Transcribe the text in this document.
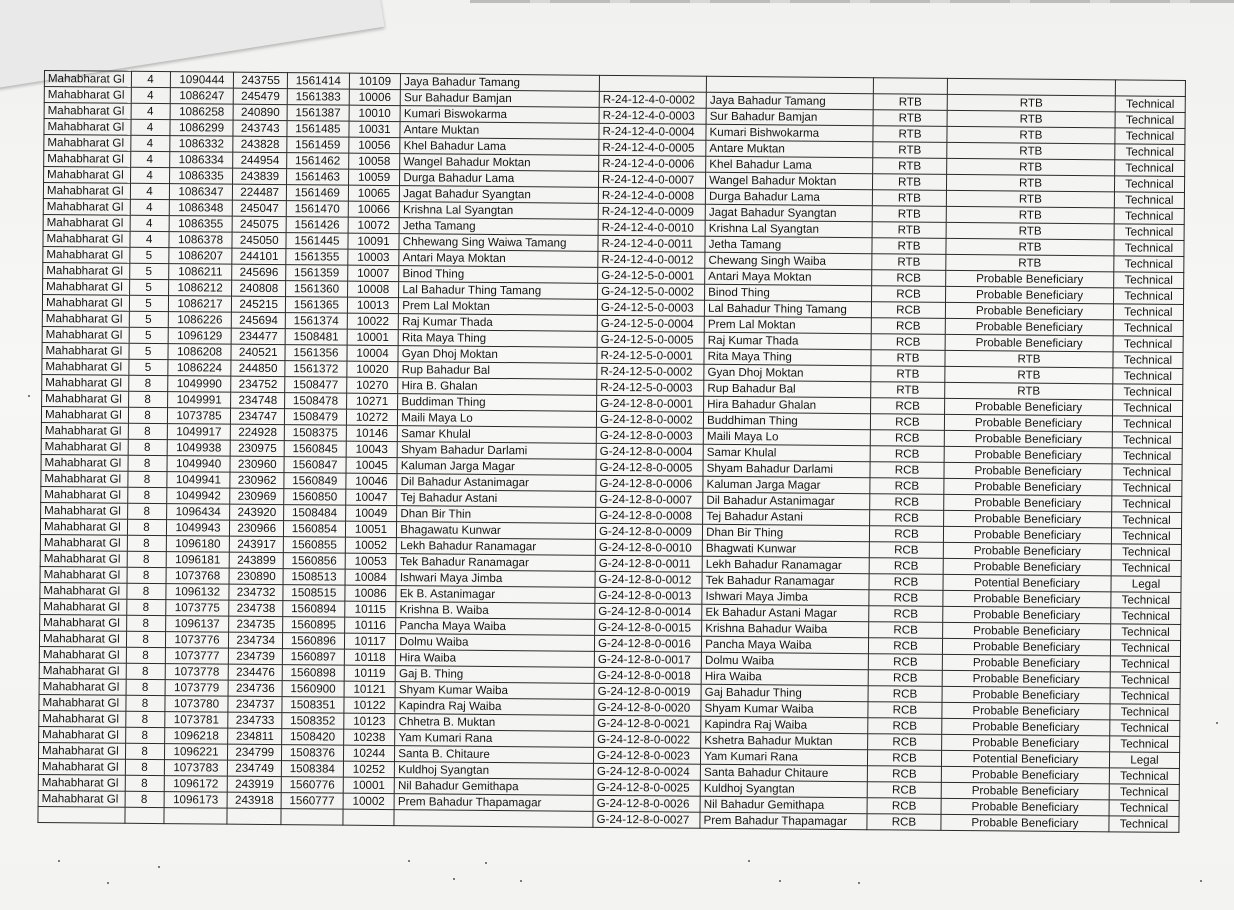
Mahabharat Gl	4	1090444	243755	1561414	10109	Jaya Bahadur Tamang					
Mahabharat Gl	4	1086247	245479	1561383	10006	Sur Bahadur Bamjan	R-24-12-4-0-0002	Jaya Bahadur Tamang	RTB	RTB	Technical
Mahabharat Gl	4	1086258	240890	1561387	10010	Kumari Biswokarma	R-24-12-4-0-0003	Sur Bahadur Bamjan	RTB	RTB	Technical
Mahabharat Gl	4	1086299	243743	1561485	10031	Antare Muktan	R-24-12-4-0-0004	Kumari Bishwokarma	RTB	RTB	Technical
Mahabharat Gl	4	1086332	243828	1561459	10056	Khel Bahadur Lama	R-24-12-4-0-0005	Antare Muktan	RTB	RTB	Technical
Mahabharat Gl	4	1086334	244954	1561462	10058	Wangel Bahadur Moktan	R-24-12-4-0-0006	Khel Bahadur Lama	RTB	RTB	Technical
Mahabharat Gl	4	1086335	243839	1561463	10059	Durga Bahadur Lama	R-24-12-4-0-0007	Wangel Bahadur Moktan	RTB	RTB	Technical
Mahabharat Gl	4	1086347	224487	1561469	10065	Jagat Bahadur Syangtan	R-24-12-4-0-0008	Durga Bahadur Lama	RTB	RTB	Technical
Mahabharat Gl	4	1086348	245047	1561470	10066	Krishna Lal Syangtan	R-24-12-4-0-0009	Jagat Bahadur Syangtan	RTB	RTB	Technical
Mahabharat Gl	4	1086355	245075	1561426	10072	Jetha Tamang	R-24-12-4-0-0010	Krishna Lal Syangtan	RTB	RTB	Technical
Mahabharat Gl	4	1086378	245050	1561445	10091	Chhewang Sing Waiwa Tamang	R-24-12-4-0-0011	Jetha Tamang	RTB	RTB	Technical
Mahabharat Gl	5	1086207	244101	1561355	10003	Antari Maya Moktan	R-24-12-4-0-0012	Chewang Singh Waiba	RTB	RTB	Technical
Mahabharat Gl	5	1086211	245696	1561359	10007	Binod Thing	G-24-12-5-0-0001	Antari Maya Moktan	RCB	Probable Beneficiary	Technical
Mahabharat Gl	5	1086212	240808	1561360	10008	Lal Bahadur Thing Tamang	G-24-12-5-0-0002	Binod Thing	RCB	Probable Beneficiary	Technical
Mahabharat Gl	5	1086217	245215	1561365	10013	Prem Lal Moktan	G-24-12-5-0-0003	Lal Bahadur Thing Tamang	RCB	Probable Beneficiary	Technical
Mahabharat Gl	5	1086226	245694	1561374	10022	Raj Kumar Thada	G-24-12-5-0-0004	Prem Lal Moktan	RCB	Probable Beneficiary	Technical
Mahabharat Gl	5	1096129	234477	1508481	10001	Rita Maya Thing	G-24-12-5-0-0005	Raj Kumar Thada	RCB	Probable Beneficiary	Technical
Mahabharat Gl	5	1086208	240521	1561356	10004	Gyan Dhoj Moktan	R-24-12-5-0-0001	Rita Maya Thing	RTB	RTB	Technical
Mahabharat Gl	5	1086224	244850	1561372	10020	Rup Bahadur Bal	R-24-12-5-0-0002	Gyan Dhoj Moktan	RTB	RTB	Technical
Mahabharat Gl	8	1049990	234752	1508477	10270	Hira B. Ghalan	R-24-12-5-0-0003	Rup Bahadur Bal	RTB	RTB	Technical
Mahabharat Gl	8	1049991	234748	1508478	10271	Buddiman Thing	G-24-12-8-0-0001	Hira Bahadur Ghalan	RCB	Probable Beneficiary	Technical
Mahabharat Gl	8	1073785	234747	1508479	10272	Maili Maya Lo	G-24-12-8-0-0002	Buddhiman Thing	RCB	Probable Beneficiary	Technical
Mahabharat Gl	8	1049917	224928	1508375	10146	Samar Khulal	G-24-12-8-0-0003	Maili Maya Lo	RCB	Probable Beneficiary	Technical
Mahabharat Gl	8	1049938	230975	1560845	10043	Shyam Bahadur Darlami	G-24-12-8-0-0004	Samar Khulal	RCB	Probable Beneficiary	Technical
Mahabharat Gl	8	1049940	230960	1560847	10045	Kaluman Jarga Magar	G-24-12-8-0-0005	Shyam Bahadur Darlami	RCB	Probable Beneficiary	Technical
Mahabharat Gl	8	1049941	230962	1560849	10046	Dil Bahadur Astanimagar	G-24-12-8-0-0006	Kaluman Jarga Magar	RCB	Probable Beneficiary	Technical
Mahabharat Gl	8	1049942	230969	1560850	10047	Tej Bahadur Astani	G-24-12-8-0-0007	Dil Bahadur Astanimagar	RCB	Probable Beneficiary	Technical
Mahabharat Gl	8	1096434	243920	1508484	10049	Dhan Bir Thin	G-24-12-8-0-0008	Tej Bahadur Astani	RCB	Probable Beneficiary	Technical
Mahabharat Gl	8	1049943	230966	1560854	10051	Bhagawatu Kunwar	G-24-12-8-0-0009	Dhan Bir Thing	RCB	Probable Beneficiary	Technical
Mahabharat Gl	8	1096180	243917	1560855	10052	Lekh Bahadur Ranamagar	G-24-12-8-0-0010	Bhagwati Kunwar	RCB	Probable Beneficiary	Technical
Mahabharat Gl	8	1096181	243899	1560856	10053	Tek Bahadur Ranamagar	G-24-12-8-0-0011	Lekh Bahadur Ranamagar	RCB	Probable Beneficiary	Technical
Mahabharat Gl	8	1073768	230890	1508513	10084	Ishwari Maya Jimba	G-24-12-8-0-0012	Tek Bahadur Ranamagar	RCB	Potential Beneficiary	Legal
Mahabharat Gl	8	1096132	234732	1508515	10086	Ek B. Astanimagar	G-24-12-8-0-0013	Ishwari Maya Jimba	RCB	Probable Beneficiary	Technical
Mahabharat Gl	8	1073775	234738	1560894	10115	Krishna B. Waiba	G-24-12-8-0-0014	Ek Bahadur Astani Magar	RCB	Probable Beneficiary	Technical
Mahabharat Gl	8	1096137	234735	1560895	10116	Pancha Maya Waiba	G-24-12-8-0-0015	Krishna Bahadur Waiba	RCB	Probable Beneficiary	Technical
Mahabharat Gl	8	1073776	234734	1560896	10117	Dolmu Waiba	G-24-12-8-0-0016	Pancha Maya Waiba	RCB	Probable Beneficiary	Technical
Mahabharat Gl	8	1073777	234739	1560897	10118	Hira Waiba	G-24-12-8-0-0017	Dolmu Waiba	RCB	Probable Beneficiary	Technical
Mahabharat Gl	8	1073778	234476	1560898	10119	Gaj B. Thing	G-24-12-8-0-0018	Hira Waiba	RCB	Probable Beneficiary	Technical
Mahabharat Gl	8	1073779	234736	1560900	10121	Shyam Kumar Waiba	G-24-12-8-0-0019	Gaj Bahadur Thing	RCB	Probable Beneficiary	Technical
Mahabharat Gl	8	1073780	234737	1508351	10122	Kapindra Raj Waiba	G-24-12-8-0-0020	Shyam Kumar Waiba	RCB	Probable Beneficiary	Technical
Mahabharat Gl	8	1073781	234733	1508352	10123	Chhetra B. Muktan	G-24-12-8-0-0021	Kapindra Raj Waiba	RCB	Probable Beneficiary	Technical
Mahabharat Gl	8	1096218	234811	1508420	10238	Yam Kumari Rana	G-24-12-8-0-0022	Kshetra Bahadur Muktan	RCB	Probable Beneficiary	Technical
Mahabharat Gl	8	1096221	234799	1508376	10244	Santa B. Chitaure	G-24-12-8-0-0023	Yam Kumari Rana	RCB	Potential Beneficiary	Legal
Mahabharat Gl	8	1073783	234749	1508384	10252	Kuldhoj Syangtan	G-24-12-8-0-0024	Santa Bahadur Chitaure	RCB	Probable Beneficiary	Technical
Mahabharat Gl	8	1096172	243919	1560776	10001	Nil Bahadur Gemithapa	G-24-12-8-0-0025	Kuldhoj Syangtan	RCB	Probable Beneficiary	Technical
Mahabharat Gl	8	1096173	243918	1560777	10002	Prem Bahadur Thapamagar	G-24-12-8-0-0026	Nil Bahadur Gemithapa	RCB	Probable Beneficiary	Technical
							G-24-12-8-0-0027	Prem Bahadur Thapamagar	RCB	Probable Beneficiary	Technical
